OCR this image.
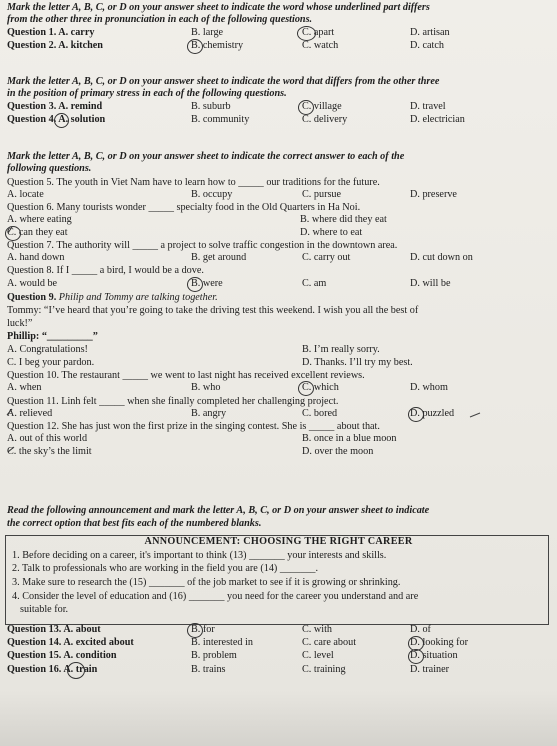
Mark the letter A, B, C, or D on your answer sheet to indicate the word whose underlined part differs
from the other three in pronunciation in each of the following questions.
Question 1. A. carry	B. large	C. apart	D. artisan
Question 2. A. kitchen	B. chemistry	C. watch	D. catch
Mark the letter A, B, C, or D on your answer sheet to indicate the word that differs from the other three
in the position of primary stress in each of the following questions.
Question 3. A. remind	B. suburb	C. village	D. travel
Question 4. A. solution	B. community	C. delivery	D. electrician
Mark the letter A, B, C, or D on your answer sheet to indicate the correct answer to each of the
following questions.
Question 5. The youth in Viet Nam have to learn how to _____ our traditions for the future.
A. locate	B. occupy	C. pursue	D. preserve
Question 6. Many tourists wonder _____ specialty food in the Old Quarters in Ha Noi.
A. where eating	B. where did they eat
C. can they eat	D. where to eat
Question 7. The authority will _____ a project to solve traffic congestion in the downtown area.
A. hand down	B. get around	C. carry out	D. cut down on
Question 8. If I _____ a bird, I would be a dove.
A. would be	B. were	C. am	D. will be
Question 9. Philip and Tommy are talking together.
Tommy: “I’ve heard that you’re going to take the driving test this weekend. I wish you all the best of
luck!”
Phillip: “_________”
A. Congratulations!	B. I’m really sorry.
C. I beg your pardon.	D. Thanks. I’ll try my best.
Question 10. The restaurant _____ we went to last night has received excellent reviews.
A. when	B. who	C. which	D. whom
Question 11. Linh felt _____ when she finally completed her challenging project.
A. relieved	B. angry	C. bored	D. puzzled
Question 12. She has just won the first prize in the singing contest. She is _____ about that.
A. out of this world	B. once in a blue moon
C. the sky’s the limit	D. over the moon
Read the following announcement and mark the letter A, B, C, or D on your answer sheet to indicate
the correct option that best fits each of the numbered blanks.
ANNOUNCEMENT: CHOOSING THE RIGHT CAREER
1. Before deciding on a career, it's important to think (13) _______ your interests and skills.
2. Talk to professionals who are working in the field you are (14) _______.
3. Make sure to research the (15) _______ of the job market to see if it is growing or shrinking.
4. Consider the level of education and (16) _______ you need for the career you understand and are
suitable for.
Question 13. A. about	B. for	C. with	D. of
Question 14. A. excited about	B. interested in	C. care about	D. looking for
Question 15. A. condition	B. problem	C. level	D. situation
Question 16. A. train	B. trains	C. training	D. trainer
